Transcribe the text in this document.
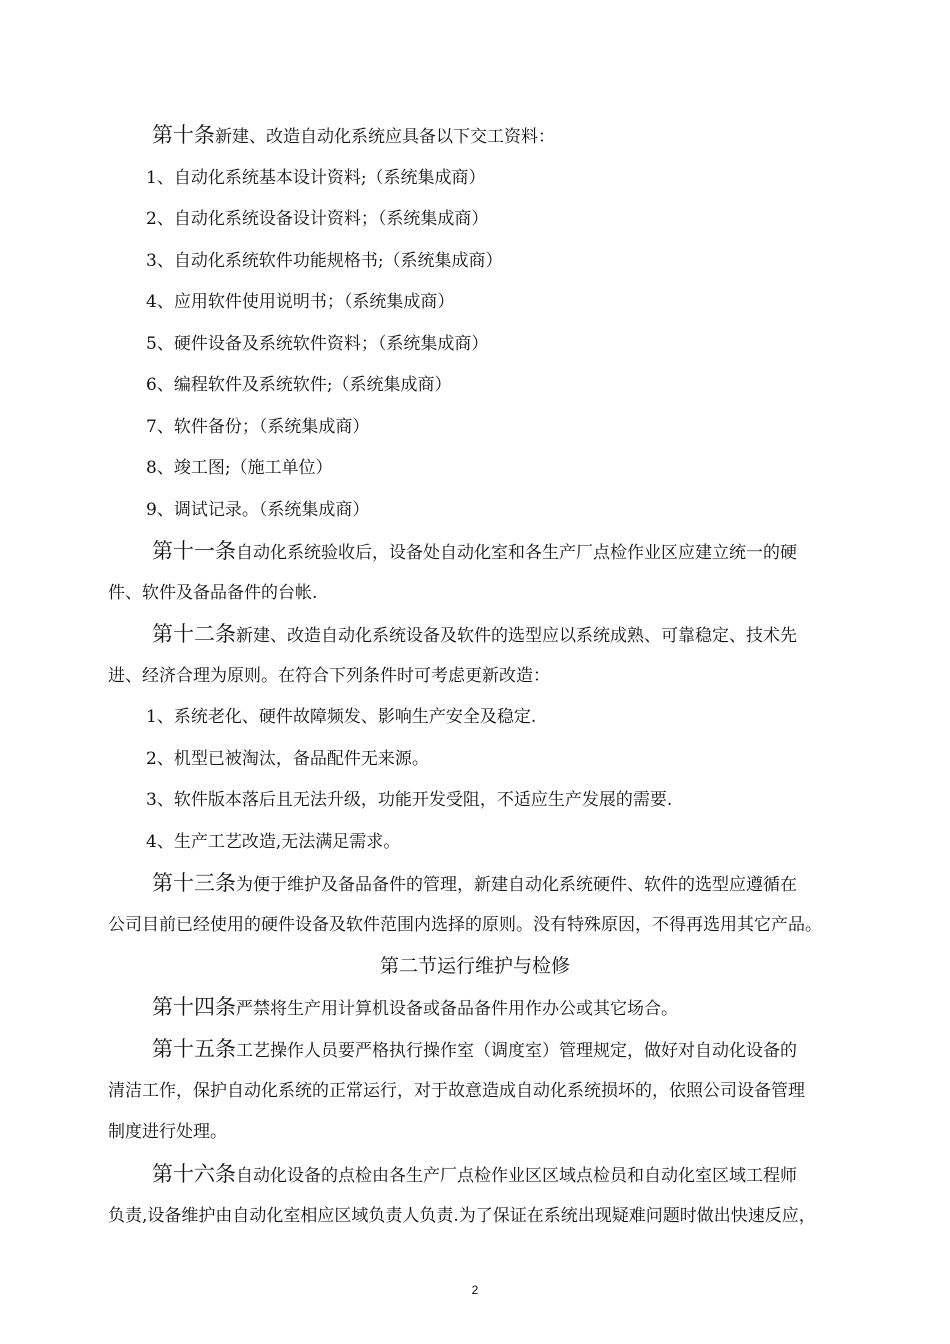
第十条新建、改造自动化系统应具备以下交工资料：
1、自动化系统基本设计资料;（系统集成商）
2、自动化系统设备设计资料；（系统集成商）
3、自动化系统软件功能规格书;（系统集成商）
4、应用软件使用说明书；（系统集成商）
5、硬件设备及系统软件资料；（系统集成商）
6、编程软件及系统软件;（系统集成商）
7、软件备份；（系统集成商）
8、竣工图;（施工单位）
9、调试记录。（系统集成商）
第十一条自动化系统验收后，设备处自动化室和各生产厂点检作业区应建立统一的硬
件、软件及备品备件的台帐.
第十二条新建、改造自动化系统设备及软件的选型应以系统成熟、可靠稳定、技术先
进、经济合理为原则。在符合下列条件时可考虑更新改造：
1、系统老化、硬件故障频发、影响生产安全及稳定.
2、机型已被淘汰，备品配件无来源。
3、软件版本落后且无法升级，功能开发受阻，不适应生产发展的需要.
4、生产工艺改造,无法满足需求。
第十三条为便于维护及备品备件的管理，新建自动化系统硬件、软件的选型应遵循在
公司目前已经使用的硬件设备及软件范围内选择的原则。没有特殊原因，不得再选用其它产品。
第二节运行维护与检修
第十四条严禁将生产用计算机设备或备品备件用作办公或其它场合。
第十五条工艺操作人员要严格执行操作室（调度室）管理规定，做好对自动化设备的
清洁工作，保护自动化系统的正常运行，对于故意造成自动化系统损坏的，依照公司设备管理
制度进行处理。
第十六条自动化设备的点检由各生产厂点检作业区区域点检员和自动化室区域工程师
负责,设备维护由自动化室相应区域负责人负责.为了保证在系统出现疑难问题时做出快速反应，
2
